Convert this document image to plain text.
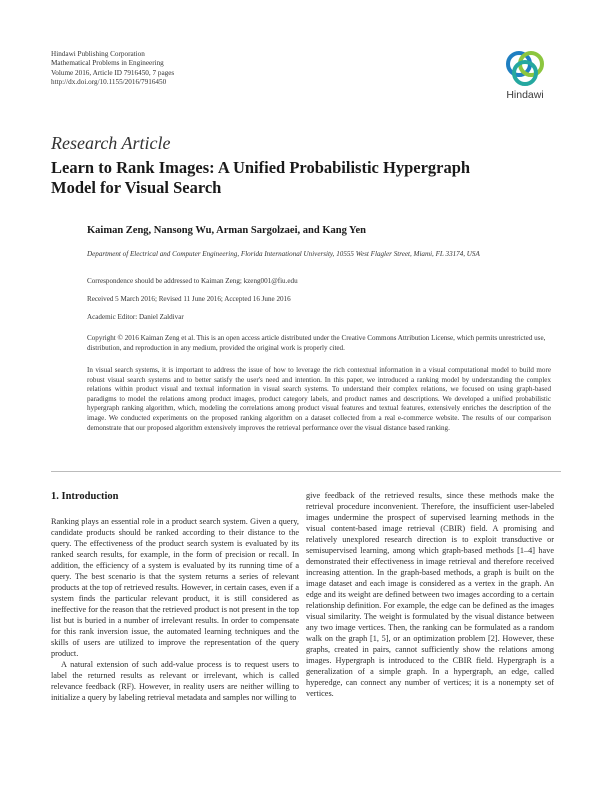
Hindawi Publishing Corporation
Mathematical Problems in Engineering
Volume 2016, Article ID 7916450, 7 pages
http://dx.doi.org/10.1155/2016/7916450
Hindawi
Research Article
Learn to Rank Images: A Unified Probabilistic Hypergraph Model for Visual Search
Kaiman Zeng, Nansong Wu, Arman Sargolzaei, and Kang Yen
Department of Electrical and Computer Engineering, Florida International University, 10555 West Flagler Street, Miami, FL 33174, USA
Correspondence should be addressed to Kaiman Zeng; kzeng001@fiu.edu
Received 5 March 2016; Revised 11 June 2016; Accepted 16 June 2016
Academic Editor: Daniel Zaldivar
Copyright © 2016 Kaiman Zeng et al. This is an open access article distributed under the Creative Commons Attribution License, which permits unrestricted use, distribution, and reproduction in any medium, provided the original work is properly cited.
In visual search systems, it is important to address the issue of how to leverage the rich contextual information in a visual computational model to build more robust visual search systems and to better satisfy the user's need and intention. In this paper, we introduced a ranking model by understanding the complex relations within product visual and textual information in visual search systems. To understand their complex relations, we focused on using graph-based paradigms to model the relations among product images, product category labels, and product names and descriptions. We developed a unified probabilistic hypergraph ranking algorithm, which, modeling the correlations among product visual features and textual features, extensively enriches the description of the image. We conducted experiments on the proposed ranking algorithm on a dataset collected from a real e-commerce website. The results of our comparison demonstrate that our proposed algorithm extensively improves the retrieval performance over the visual distance based ranking.
1. Introduction

Ranking plays an essential role in a product search system. Given a query, candidate products should be ranked according to their distance to the query. The effectiveness of the product search system is evaluated by its ranked search results, for example, in the form of precision or recall. In addition, the efficiency of a system is evaluated by its running time of a query. The best scenario is that the system returns a series of relevant products at the top of retrieved results. However, in certain cases, even if a system finds the particular relevant product, it is still considered as ineffective for the reason that the retrieved product is not present in the top list but is buried in a number of irrelevant results. In order to compensate for this rank inversion issue, the automated learning techniques and the skills of users are utilized to improve the representation of the query product.

A natural extension of such add-value process is to request users to label the returned results as relevant or irrelevant, which is called relevance feedback (RF). However, in reality users are neither willing to initialize a query by labeling retrieval metadata and samples nor willing to

give feedback of the retrieved results, since these methods make the retrieval procedure inconvenient. Therefore, the insufficient user-labeled images undermine the prospect of supervised learning methods in the visual content-based image retrieval (CBIR) field. A promising and relatively unexplored research direction is to exploit transductive or semisupervised learning, among which graph-based methods [1–4] have demonstrated their effectiveness in image retrieval and therefore received increasing attention. In the graph-based methods, a graph is built on the image dataset and each image is considered as a vertex in the graph. An edge and its weight are defined between two images according to a certain relationship definition. For example, the edge can be defined as the images visual similarity. The weight is formulated by the visual distance between any two image vertices. Then, the ranking can be formulated as a random walk on the graph [1, 5], or an optimization problem [2]. However, these graphs, created in pairs, cannot sufficiently show the relations among images. Hypergraph is introduced to the CBIR field. Hypergraph is a generalization of a simple graph. In a hypergraph, an edge, called hyperedge, can connect any number of vertices; it is a nonempty set of vertices.
